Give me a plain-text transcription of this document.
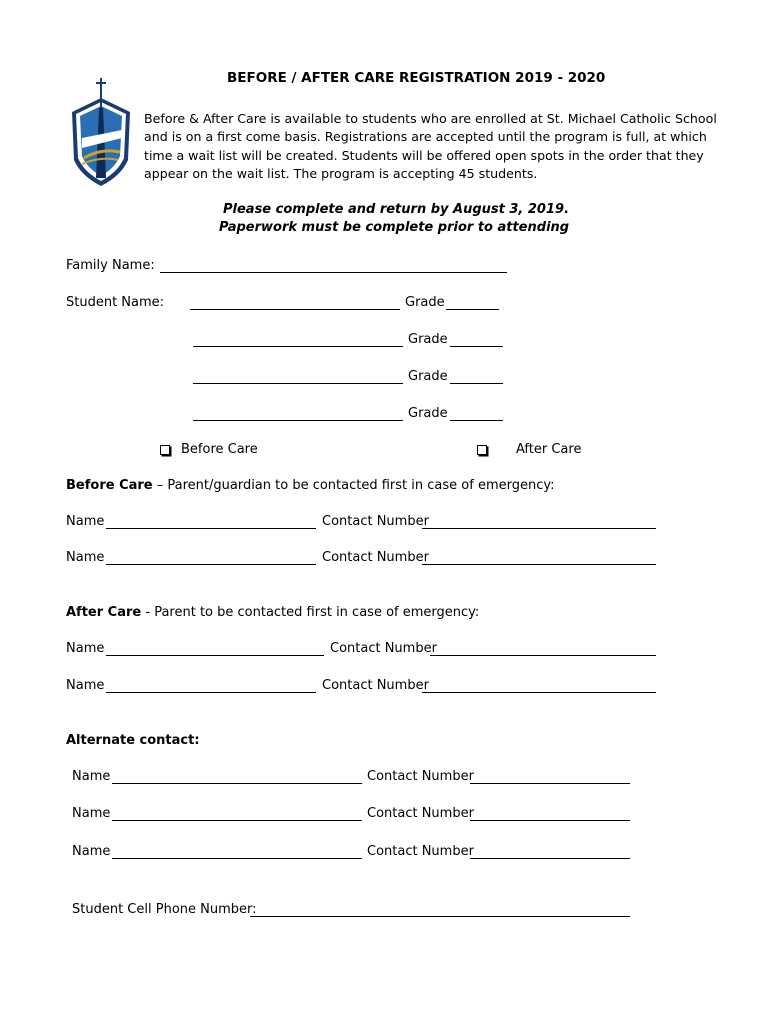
BEFORE / AFTER CARE REGISTRATION 2019 - 2020
Before & After Care is available to students who are enrolled at St. Michael Catholic School
and is on a first come basis. Registrations are accepted until the program is full, at which
time a wait list will be created. Students will be offered open spots in the order that they
appear on the wait list. The program is accepting 45 students.
Please complete and return by August 3, 2019.
Paperwork must be complete prior to attending
Family Name:
Student Name:	Grade
Grade
Grade
Grade
Before Care	After Care
Before Care – Parent/guardian to be contacted first in case of emergency:
Name	Contact Number
Name	Contact Number
After Care - Parent to be contacted first in case of emergency:
Name	Contact Number
Name	Contact Number
Alternate contact:
Name	Contact Number
Name	Contact Number
Name	Contact Number
Student Cell Phone Number:
